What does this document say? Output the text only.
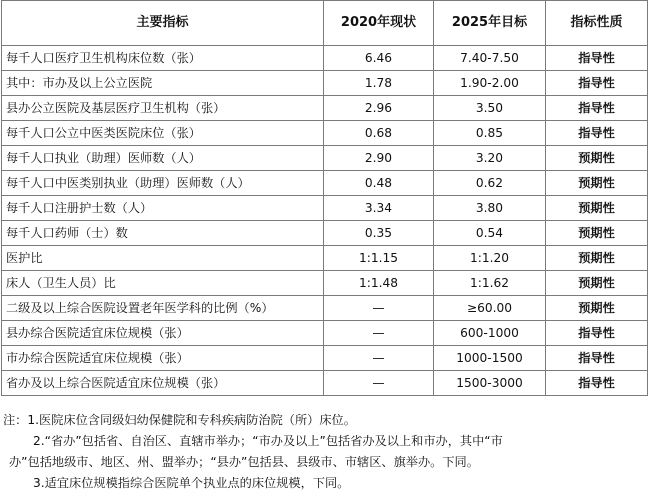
主要指标	2020年现状	2025年目标	指标性质
每千人口医疗卫生机构床位数（张）	6.46	7.40-7.50	指导性
其中：市办及以上公立医院	1.78	1.90-2.00	指导性
县办公立医院及基层医疗卫生机构（张）	2.96	3.50	指导性
每千人口公立中医类医院床位（张）	0.68	0.85	指导性
每千人口执业（助理）医师数（人）	2.90	3.20	预期性
每千人口中医类别执业（助理）医师数（人）	0.48	0.62	预期性
每千人口注册护士数（人）	3.34	3.80	预期性
每千人口药师（士）数	0.35	0.54	预期性
医护比	1:1.15	1:1.20	预期性
床人（卫生人员）比	1:1.48	1:1.62	预期性
二级及以上综合医院设置老年医学科的比例（%）	—	≥60.00	预期性
县办综合医院适宜床位规模（张）	—	600-1000	指导性
市办综合医院适宜床位规模（张）	—	1000-1500	指导性
省办及以上综合医院适宜床位规模（张）	—	1500-3000	指导性
注：1.医院床位含同级妇幼保健院和专科疾病防治院（所）床位。
2.“省办”包括省、自治区、直辖市举办；“市办及以上”包括省办及以上和市办，其中“市
办”包括地级市、地区、州、盟举办；“县办”包括县、县级市、市辖区、旗举办。下同。
3.适宜床位规模指综合医院单个执业点的床位规模，下同。
